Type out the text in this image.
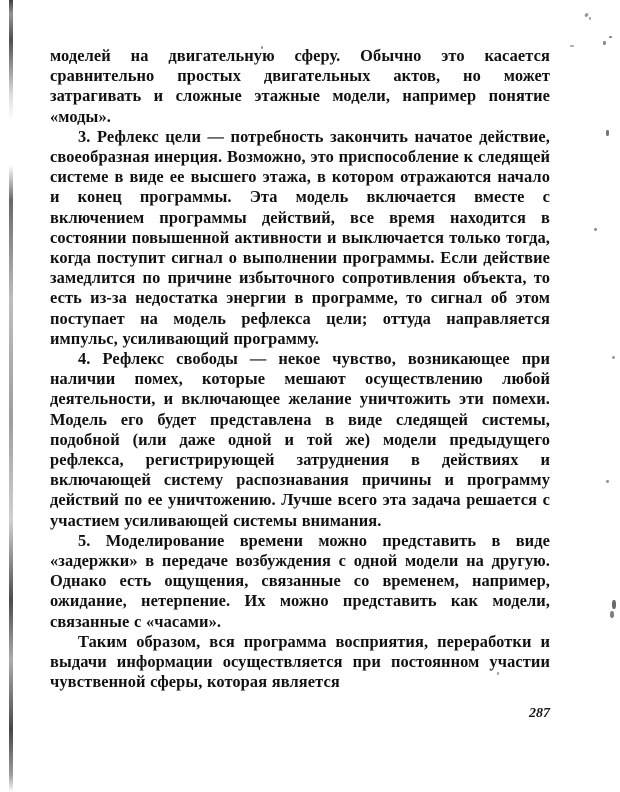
моделей на двигательную сферу. Обычно это касается сравнительно простых двигательных актов, но может затрагивать и сложные этажные модели, например понятие «моды».

3. Рефлекс цели — потребность закончить начатое действие, своеобразная инерция. Возможно, это приспособление к следящей системе в виде ее высшего этажа, в котором отражаются начало и конец программы. Эта модель включается вместе с включением программы действий, все время находится в состоянии повышенной активности и выключается только тогда, когда поступит сигнал о выполнении программы. Если действие замедлится по причине избыточного сопротивления объекта, то есть из-за недостатка энергии в программе, то сигнал об этом поступает на модель рефлекса цели; оттуда направляется импульс, усиливающий программу.

4. Рефлекс свободы — некое чувство, возникающее при наличии помех, которые мешают осуществлению любой деятельности, и включающее желание уничтожить эти помехи. Модель его будет представлена в виде следящей системы, подобной (или даже одной и той же) модели предыдущего рефлекса, регистрирующей затруднения в действиях и включающей систему распознавания причины и программу действий по ее уничтожению. Лучше всего эта задача решается с участием усиливающей системы внимания.

5. Моделирование времени можно представить в виде «задержки» в передаче возбуждения с одной модели на другую. Однако есть ощущения, связанные со временем, например, ожидание, нетерпение. Их можно представить как модели, связанные с «часами».

Таким образом, вся программа восприятия, переработки и выдачи информации осуществляется при постоянном участии чувственной сферы, которая является

287
